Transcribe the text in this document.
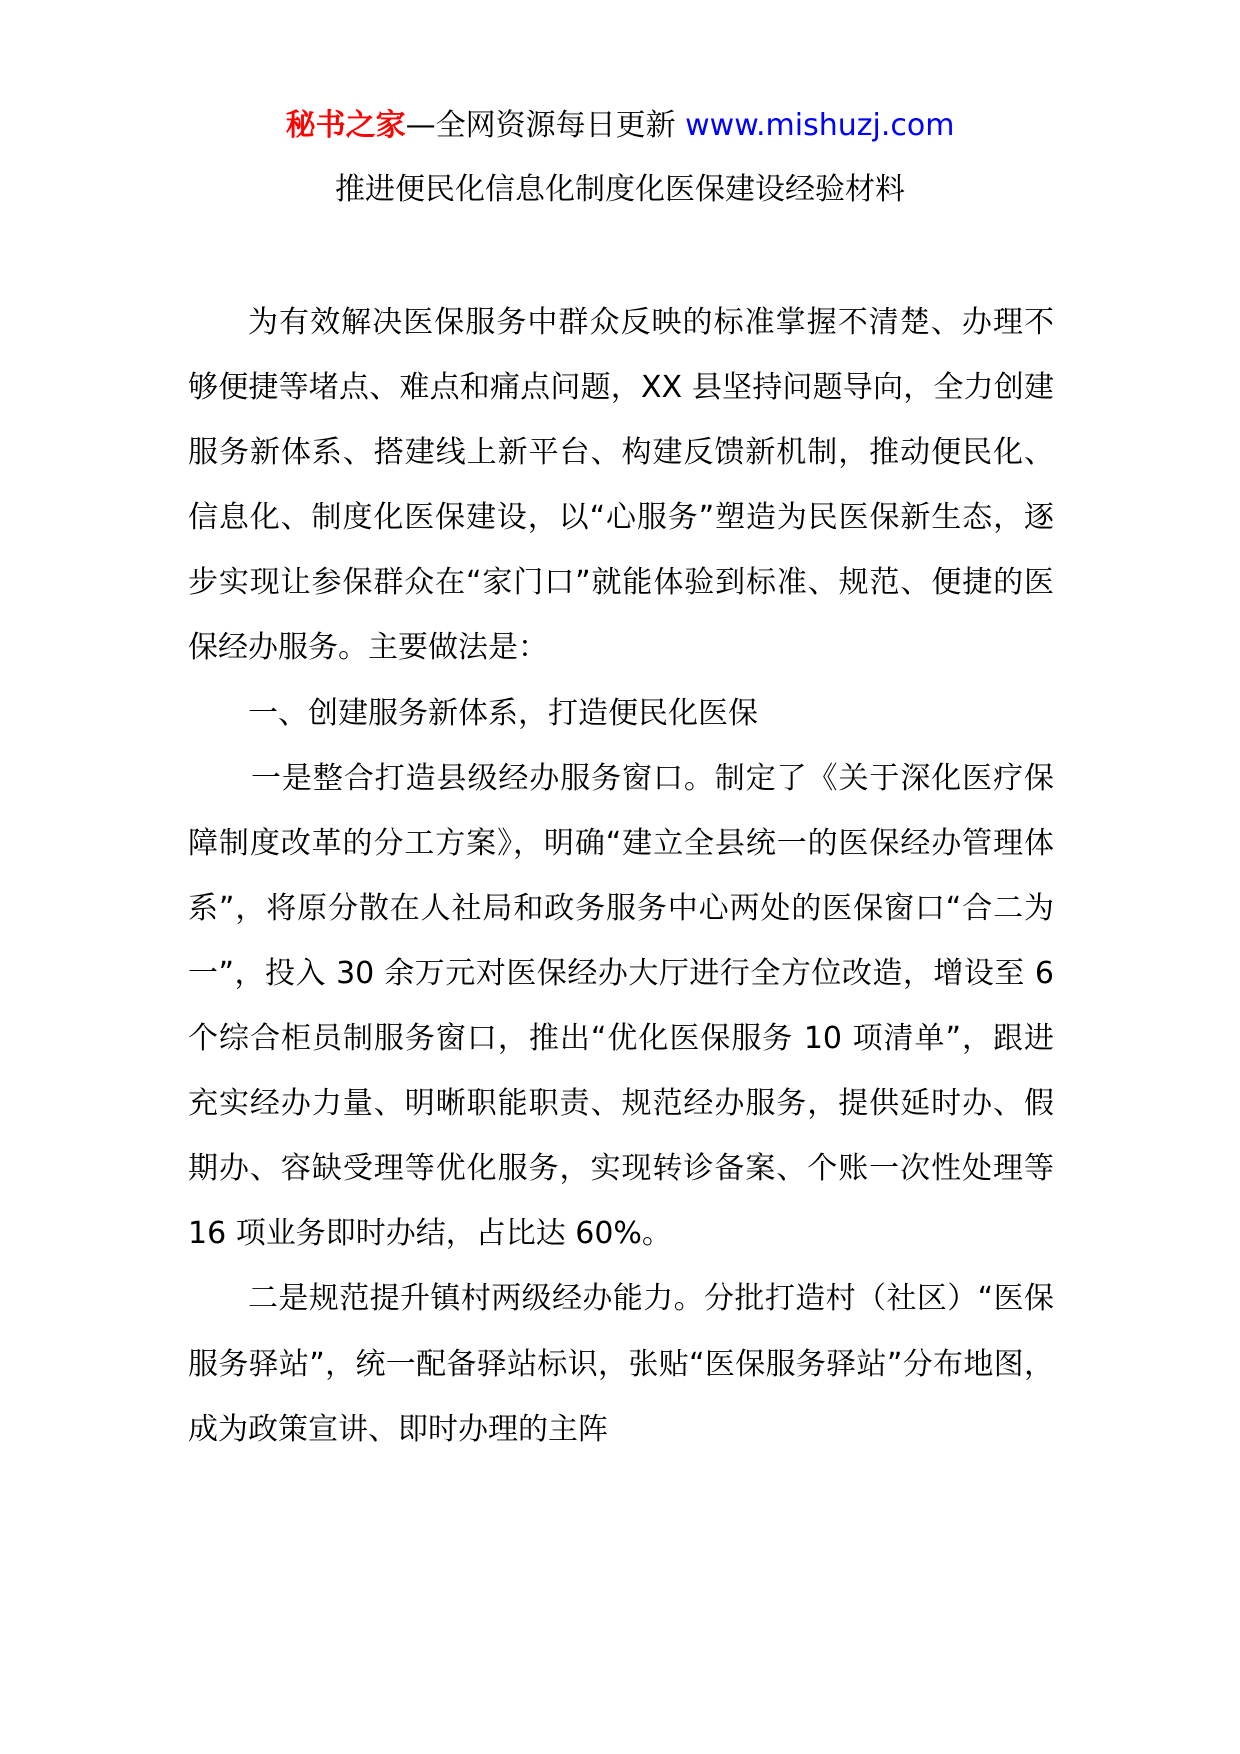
秘书之家—全网资源每日更新 www.mishuzj.com
推进便民化信息化制度化医保建设经验材料

为有效解决医保服务中群众反映的标准掌握不清楚、办理不够便捷等堵点、难点和痛点问题，XX 县坚持问题导向，全力创建服务新体系、搭建线上新平台、构建反馈新机制，推动便民化、信息化、制度化医保建设，以“心服务”塑造为民医保新生态，逐步实现让参保群众在“家门口”就能体验到标准、规范、便捷的医保经办服务。主要做法是：

一、创建服务新体系，打造便民化医保

一是整合打造县级经办服务窗口。制定了《关于深化医疗保障制度改革的分工方案》，明确“建立全县统一的医保经办管理体系”，将原分散在人社局和政务服务中心两处的医保窗口“合二为一”，投入 30 余万元对医保经办大厅进行全方位改造，增设至 6 个综合柜员制服务窗口，推出“优化医保服务 10 项清单”，跟进充实经办力量、明晰职能职责、规范经办服务，提供延时办、假期办、容缺受理等优化服务，实现转诊备案、个账一次性处理等 16 项业务即时办结，占比达 60%。

二是规范提升镇村两级经办能力。分批打造村（社区）“医保服务驿站”，统一配备驿站标识，张贴“医保服务驿站”分布地图，成为政策宣讲、即时办理的主阵
